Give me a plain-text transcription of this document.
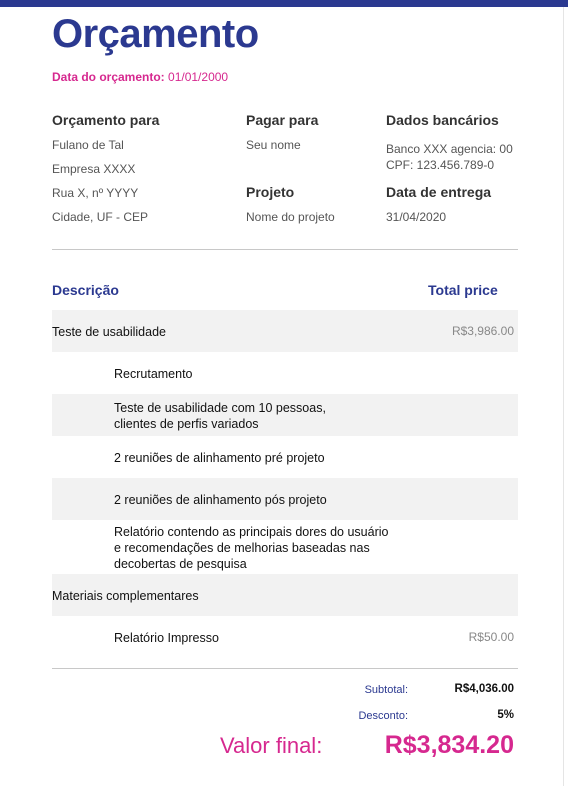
Orçamento
Data do orçamento: 01/01/2000
Orçamento para
Fulano de Tal
Empresa XXXX
Rua X, nº YYYY
Cidade, UF - CEP
Pagar para
Seu nome
Projeto
Nome do projeto
Dados bancários
Banco XXX agencia: 00
CPF: 123.456.789-0
Data de entrega
31/04/2020
Descrição	Total price
Teste de usabilidade	R$3,986.00
Recrutamento
Teste de usabilidade com 10 pessoas,
clientes de perfis variados
2 reuniões de alinhamento pré projeto
2 reuniões de alinhamento pós projeto
Relatório contendo as principais dores do usuário
e recomendações de melhorias baseadas nas
decobertas de pesquisa
Materiais complementares
Relatório Impresso	R$50.00
Subtotal:	R$4,036.00
Desconto:	5%
Valor final: R$3,834.20
